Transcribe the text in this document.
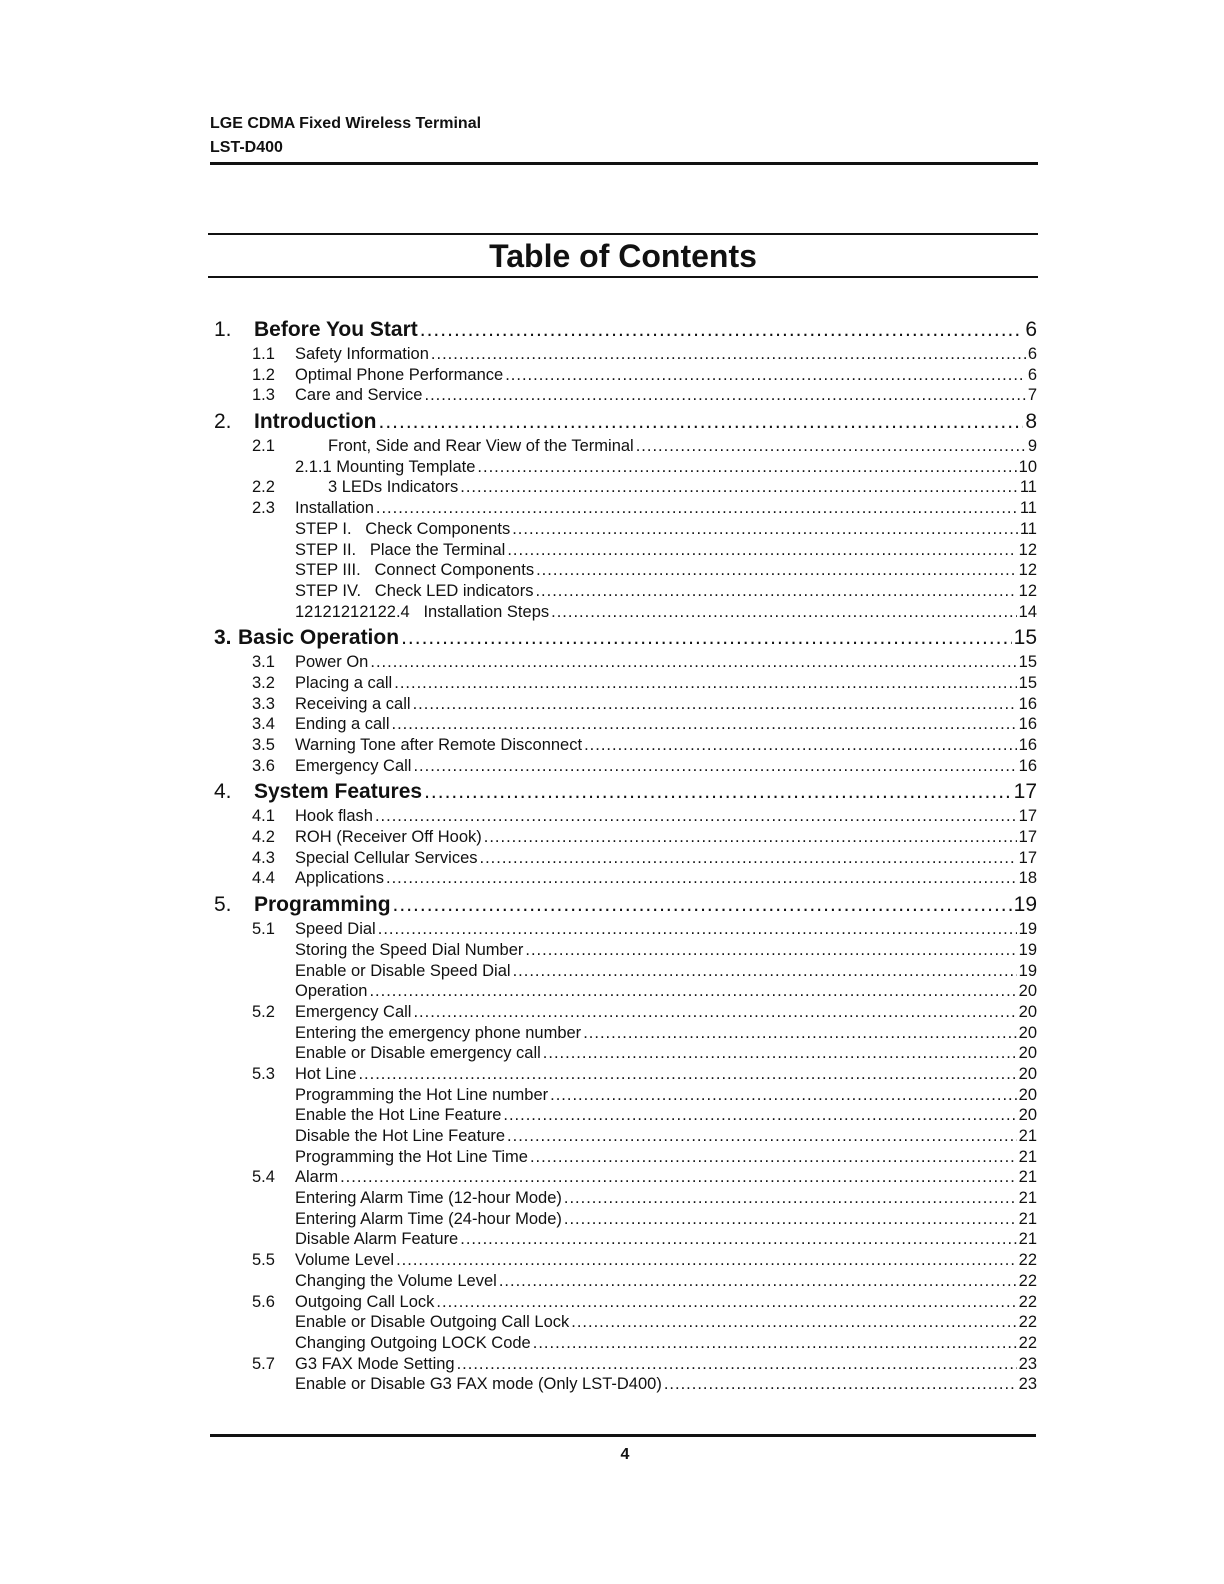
LGE CDMA Fixed Wireless Terminal
LST-D400
Table of Contents
1. Before You Start .....	6
1.1 Safety Information .....	6
1.2 Optimal Phone Performance .....	6
1.3 Care and Service .....	7
2. Introduction .....	8
2.1	Front, Side and Rear View of the Terminal .....	9
2.1.1 Mounting Template .....	10
2.2	3 LEDs Indicators .....	11
2.3 Installation .....	11
STEP I.   Check Components .....	11
STEP II.   Place the Terminal .....	12
STEP III.   Connect Components .....	12
STEP IV.   Check LED indicators .....	12
12121212122.4   Installation Steps .....	14
3. Basic Operation .....	15
3.1 Power On .....	15
3.2 Placing a call .....	15
3.3 Receiving a call .....	16
3.4 Ending a call .....	16
3.5 Warning Tone after Remote Disconnect .....	16
3.6 Emergency Call .....	16
4. System Features .....	17
4.1 Hook flash .....	17
4.2 ROH (Receiver Off Hook) .....	17
4.3 Special Cellular Services .....	17
4.4 Applications .....	18
5. Programming .....	19
5.1 Speed Dial .....	19
Storing the Speed Dial Number .....	19
Enable or Disable Speed Dial .....	19
Operation .....	20
5.2 Emergency Call .....	20
Entering the emergency phone number .....	20
Enable or Disable emergency call .....	20
5.3 Hot Line .....	20
Programming the Hot Line number .....	20
Enable the Hot Line Feature .....	20
Disable the Hot Line Feature .....	21
Programming the Hot Line Time .....	21
5.4 Alarm .....	21
Entering Alarm Time (12-hour Mode) .....	21
Entering Alarm Time (24-hour Mode) .....	21
Disable Alarm Feature .....	21
5.5 Volume Level .....	22
Changing the Volume Level .....	22
5.6 Outgoing Call Lock .....	22
Enable or Disable Outgoing Call Lock .....	22
Changing Outgoing LOCK Code .....	22
5.7 G3 FAX Mode Setting .....	23
Enable or Disable G3 FAX mode (Only LST-D400) .....	23
4
